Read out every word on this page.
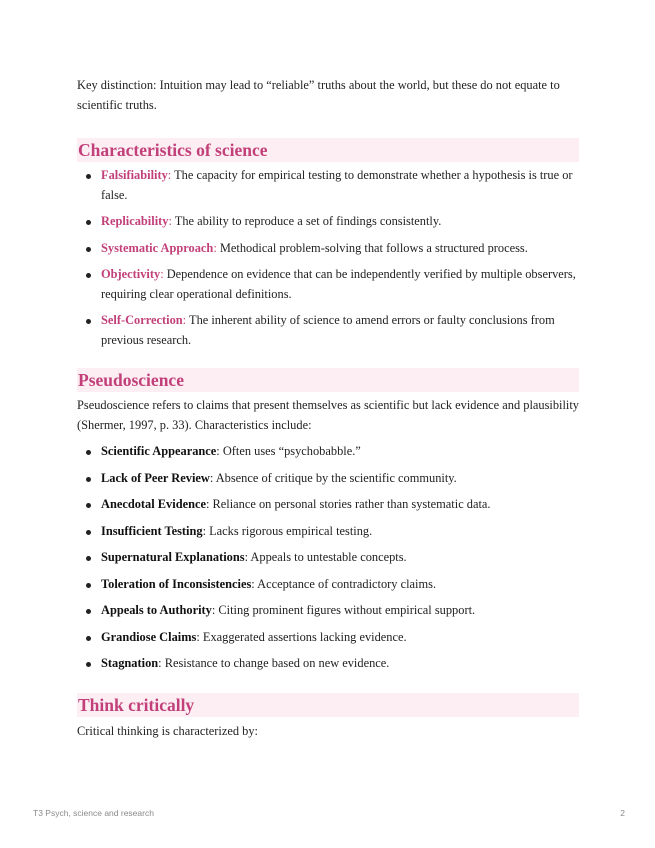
Key distinction: Intuition may lead to “reliable” truths about the world, but these do not equate to scientific truths.

Characteristics of science
Falsifiability: The capacity for empirical testing to demonstrate whether a hypothesis is true or false.
Replicability: The ability to reproduce a set of findings consistently.
Systematic Approach: Methodical problem-solving that follows a structured process.
Objectivity: Dependence on evidence that can be independently verified by multiple observers, requiring clear operational definitions.
Self-Correction: The inherent ability of science to amend errors or faulty conclusions from previous research.
Pseudoscience

Pseudoscience refers to claims that present themselves as scientific but lack evidence and plausibility (Shermer, 1997, p. 33). Characteristics include:

Scientific Appearance: Often uses “psychobabble.”
Lack of Peer Review: Absence of critique by the scientific community.
Anecdotal Evidence: Reliance on personal stories rather than systematic data.
Insufficient Testing: Lacks rigorous empirical testing.
Supernatural Explanations: Appeals to untestable concepts.
Toleration of Inconsistencies: Acceptance of contradictory claims.
Appeals to Authority: Citing prominent figures without empirical support.
Grandiose Claims: Exaggerated assertions lacking evidence.
Stagnation: Resistance to change based on new evidence.
Think critically

Critical thinking is characterized by:

T3 Psych, science and research	2
